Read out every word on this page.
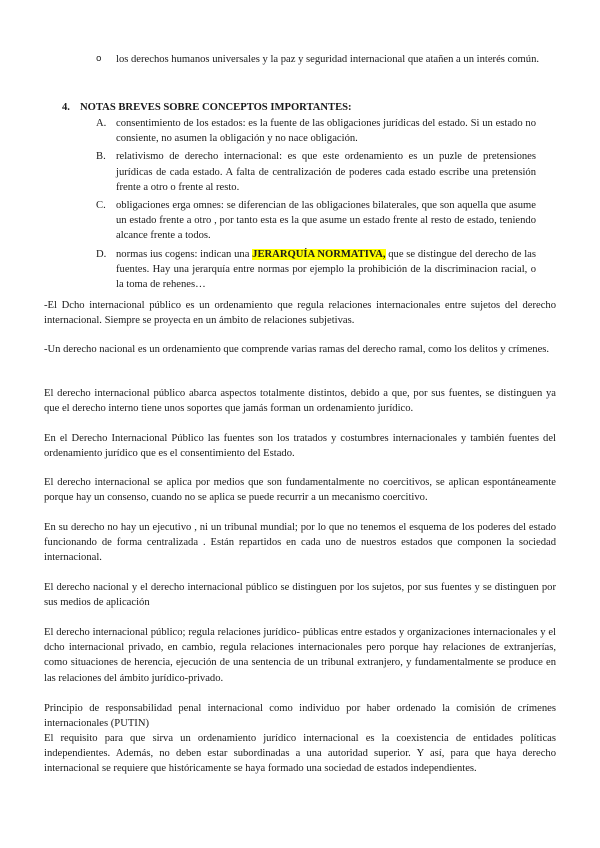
o los derechos humanos universales y la paz y seguridad internacional que atañen a un interés común.
4. NOTAS BREVES SOBRE CONCEPTOS IMPORTANTES:
A. consentimiento de los estados: es la fuente de las obligaciones jurídicas del estado. Si un estado no consiente, no asumen la obligación y no nace obligación.
B. relativismo de derecho internacional: es que este ordenamiento es un puzle de pretensiones jurídicas de cada estado. A falta de centralización de poderes cada estado escribe una pretensión frente a otro o frente al resto.
C. obligaciones erga omnes: se diferencian de las obligaciones bilaterales, que son aquella que asume un estado frente a otro , por tanto esta es la que asume un estado frente al resto de estado, teniendo alcance frente a todos.
D. normas ius cogens: indican una JERARQUÍA NORMATIVA, que se distingue del derecho de las fuentes. Hay una jerarquía entre normas por ejemplo la prohibición de la discriminacion racial, o la toma de rehenes…
-El Dcho internacional público es un ordenamiento que regula relaciones internacionales entre sujetos del derecho internacional. Siempre se proyecta en un ámbito de relaciones subjetivas.
-Un derecho nacional es un ordenamiento que comprende varias ramas del derecho ramal, como los delitos y crímenes.
El derecho internacional público abarca aspectos totalmente distintos, debido a que, por sus fuentes, se distinguen ya que el derecho interno tiene unos soportes que jamás forman un ordenamiento jurídico.
En el Derecho Internacional Público las fuentes son los tratados y costumbres internacionales y también fuentes del ordenamiento jurídico que es el consentimiento del Estado.
El derecho internacional se aplica por medios que son fundamentalmente no coercitivos, se aplican espontáneamente porque hay un consenso, cuando no se aplica se puede recurrir a un mecanismo coercitivo.
En su derecho no hay un ejecutivo , ni un tribunal mundial; por lo que no tenemos el esquema de los poderes del estado funcionando de forma centralizada . Están repartidos en cada uno de nuestros estados que componen la sociedad internacional.
El derecho nacional y el derecho internacional público se distinguen por los sujetos, por sus fuentes y se distinguen por sus medios de aplicación
El derecho internacional público; regula relaciones jurídico- públicas entre estados y organizaciones internacionales y el dcho internacional privado, en cambio, regula relaciones internacionales pero porque hay relaciones de extranjerías, como situaciones de herencia, ejecución de una sentencia de un tribunal extranjero, y fundamentalmente se produce en las relaciones del ámbito jurídico-privado.
Principio de responsabilidad penal internacional como individuo por haber ordenado la comisión de crímenes internacionales (PUTIN)
El requisito para que sirva un ordenamiento jurídico internacional es la coexistencia de entidades políticas independientes. Además, no deben estar subordinadas a una autoridad superior. Y así, para que haya derecho internacional se requiere que históricamente se haya formado una sociedad de estados independientes.
